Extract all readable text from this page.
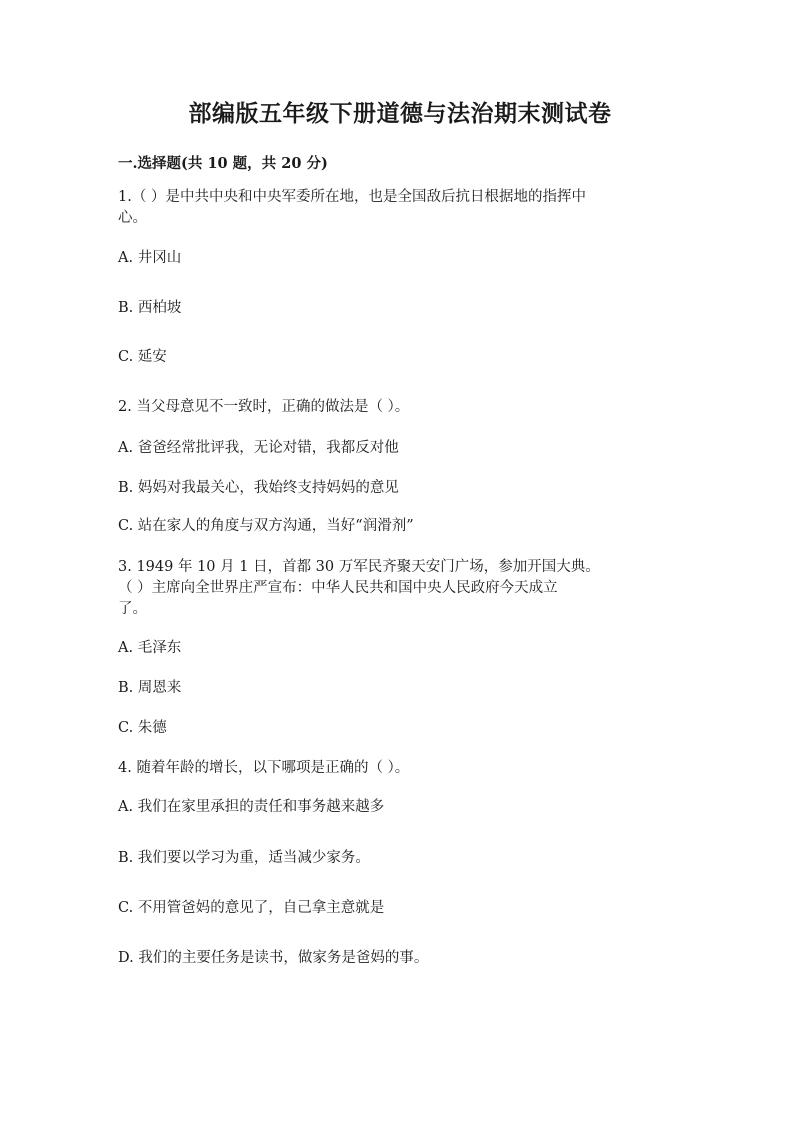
部编版五年级下册道德与法治期末测试卷
一.选择题(共 10 题，共 20 分)
1.（ ）是中共中央和中央军委所在地，也是全国敌后抗日根据地的指挥中
心。
A. 井冈山
B. 西柏坡
C. 延安
2. 当父母意见不一致时，正确的做法是（ ）。
A. 爸爸经常批评我，无论对错，我都反对他
B. 妈妈对我最关心，我始终支持妈妈的意见
C. 站在家人的角度与双方沟通，当好“润滑剂”
3. 1949 年 10 月 1 日，首都 30 万军民齐聚天安门广场，参加开国大典。
（ ）主席向全世界庄严宣布：中华人民共和国中央人民政府今天成立
了。
A. 毛泽东
B. 周恩来
C. 朱德
4. 随着年龄的增长，以下哪项是正确的（ ）。
A. 我们在家里承担的责任和事务越来越多
B. 我们要以学习为重，适当减少家务。
C. 不用管爸妈的意见了，自己拿主意就是
D. 我们的主要任务是读书，做家务是爸妈的事。
